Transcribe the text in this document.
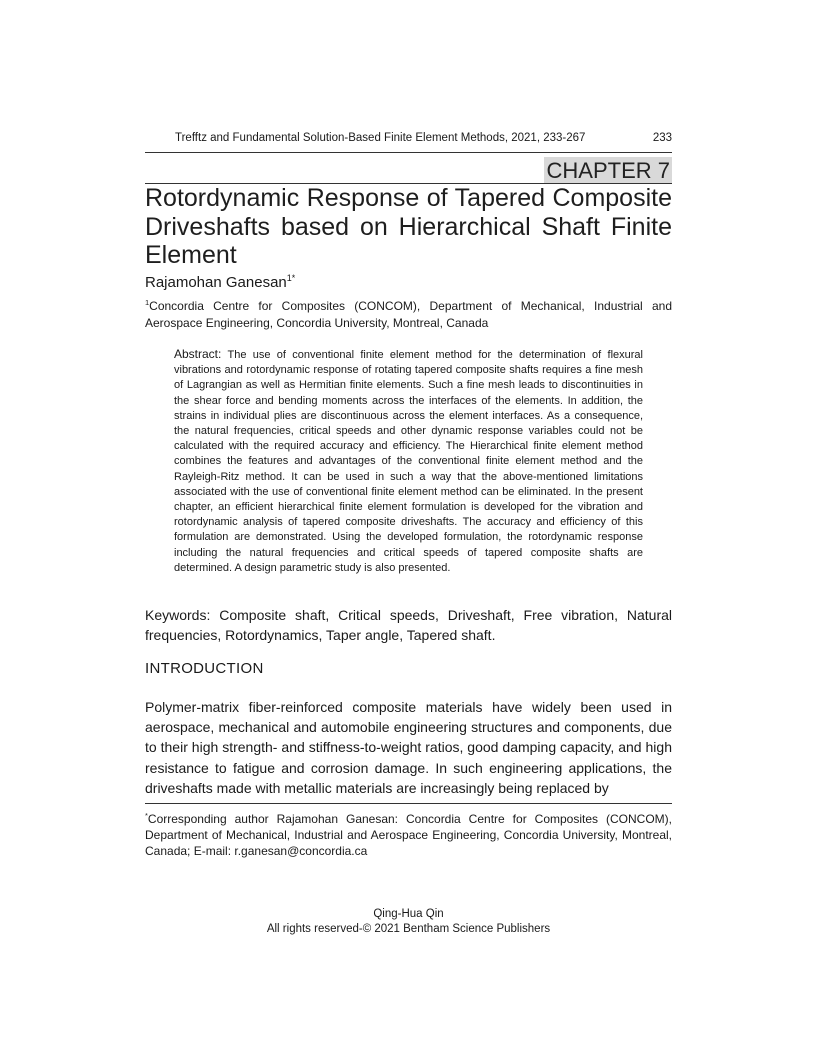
Trefftz and Fundamental Solution-Based Finite Element Methods, 2021, 233-267	233
CHAPTER 7
Rotordynamic Response of Tapered Composite Driveshafts based on Hierarchical Shaft Finite Element
Rajamohan Ganesan$^{1*}$
$^1$Concordia Centre for Composites (CONCOM), Department of Mechanical, Industrial and Aerospace Engineering, Concordia University, Montreal, Canada
Abstract: The use of conventional finite element method for the determination of flexural vibrations and rotordynamic response of rotating tapered composite shafts requires a fine mesh of Lagrangian as well as Hermitian finite elements. Such a fine mesh leads to discontinuities in the shear force and bending moments across the interfaces of the elements. In addition, the strains in individual plies are discontinuous across the element interfaces. As a consequence, the natural frequencies, critical speeds and other dynamic response variables could not be calculated with the required accuracy and efficiency. The Hierarchical finite element method combines the features and advantages of the conventional finite element method and the Rayleigh-Ritz method. It can be used in such a way that the above-mentioned limitations associated with the use of conventional finite element method can be eliminated. In the present chapter, an efficient hierarchical finite element formulation is developed for the vibration and rotordynamic analysis of tapered composite driveshafts. The accuracy and efficiency of this formulation are demonstrated. Using the developed formulation, the rotordynamic response including the natural frequencies and critical speeds of tapered composite shafts are determined. A design parametric study is also presented.
Keywords: Composite shaft, Critical speeds, Driveshaft, Free vibration, Natural frequencies, Rotordynamics, Taper angle, Tapered shaft.
INTRODUCTION
Polymer-matrix fiber-reinforced composite materials have widely been used in aerospace, mechanical and automobile engineering structures and components, due to their high strength- and stiffness-to-weight ratios, good damping capacity, and high resistance to fatigue and corrosion damage. In such engineering applications, the driveshafts made with metallic materials are increasingly being replaced by
*Corresponding author Rajamohan Ganesan: Concordia Centre for Composites (CONCOM), Department of Mechanical, Industrial and Aerospace Engineering, Concordia University, Montreal, Canada; E-mail: r.ganesan@concordia.ca
Qing-Hua Qin
All rights reserved-© 2021 Bentham Science Publishers
